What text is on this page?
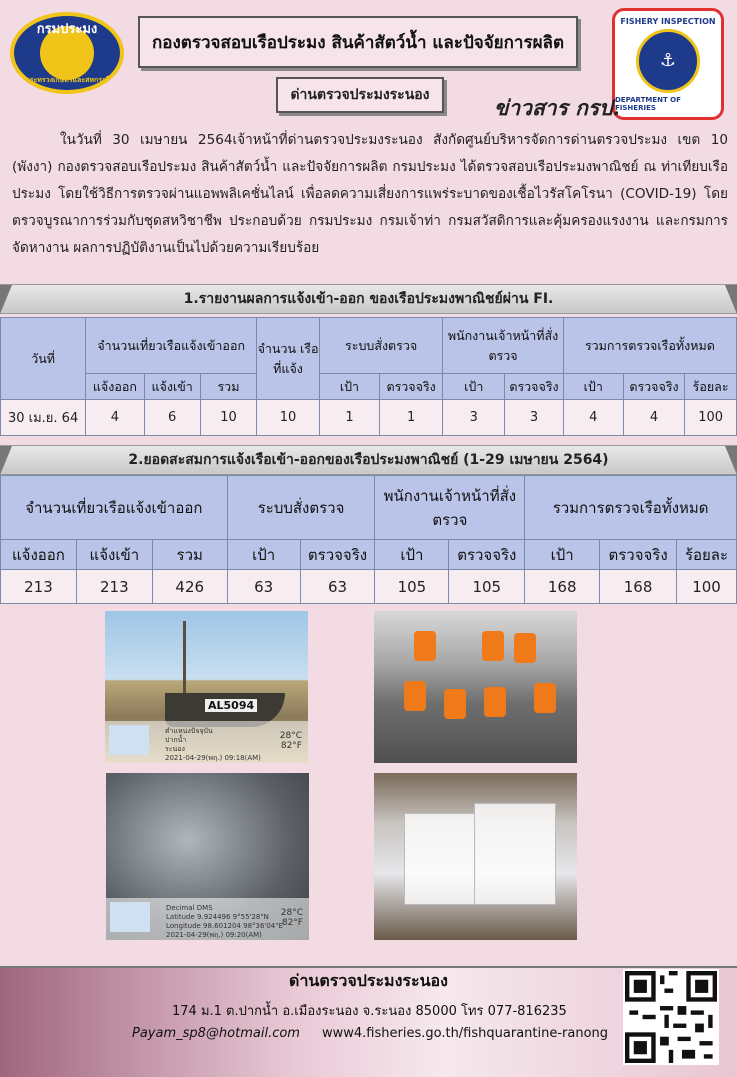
กรมประมง
กระทรวงเกษตรและสหกรณ์
กองตรวจสอบเรือประมง สินค้าสัตว์น้ำ และปัจจัยการผลิต
ด่านตรวจประมงระนอง
FISHERY INSPECTION
⚓
DEPARTMENT OF FISHERIES
ข่าวสาร กรป.
ในวันที่ 30 เมษายน 2564เจ้าหน้าที่ด่านตรวจประมงระนอง สังกัดศูนย์บริหารจัดการด่านตรวจประมง เขต 10 (พังงา) กองตรวจสอบเรือประมง สินค้าสัตว์น้ำ และปัจจัยการผลิต กรมประมง ได้ตรวจสอบเรือประมงพาณิชย์ ณ ท่าเทียบเรือประมง โดยใช้วิธีการตรวจผ่านแอพพลิเคชั่นไลน์ เพื่อลดความเสี่ยงการแพร่ระบาดของเชื้อไวรัสโคโรนา (COVID-19) โดยตรวจบูรณาการร่วมกับชุดสหวิชาชีพ ประกอบด้วย กรมประมง กรมเจ้าท่า กรมสวัสดิการและคุ้มครองแรงงาน และกรมการจัดหางาน ผลการปฏิบัติงานเป็นไปด้วยความเรียบร้อย
1.รายงานผลการแจ้งเข้า-ออก ของเรือประมงพาณิชย์ผ่าน FI.
วันที่	จำนวนเที่ยวเรือแจ้งเข้าออก			จำนวน เรือที่แจ้ง	ระบบสั่งตรวจ		พนักงานเจ้าหน้าที่สั่ง ตรวจ		รวมการตรวจเรือทั้งหมด		
	แจ้งออก	แจ้งเข้า	รวม		เป้า	ตรวจจริง	เป้า	ตรวจจริง	เป้า	ตรวจจริง	ร้อยละ
30 เม.ย. 64	4	6	10	10	1	1	3	3	4	4	100
2.ยอดสะสมการแจ้งเรือเข้า-ออกของเรือประมงพาณิชย์ (1-29 เมษายน 2564)
จำนวนเที่ยวเรือแจ้งเข้าออก			ระบบสั่งตรวจ		พนักงานเจ้าหน้าที่สั่ง ตรวจ		รวมการตรวจเรือทั้งหมด		
แจ้งออก	แจ้งเข้า	รวม	เป้า	ตรวจจริง	เป้า	ตรวจจริง	เป้า	ตรวจจริง	ร้อยละ
213	213	426	63	63	105	105	168	168	100
AL5094
ตำแหน่งปัจจุบัน
ปากน้ำ
ระนอง
2021-04-29(พฤ.) 09:18(AM)
28°C
82°F
Decimal DMS
Latitude 9.924496 9°55'28"N
Longitude 98.601204 98°36'04"E
2021-04-29(พฤ.) 09:20(AM)
28°C
82°F
ด่านตรวจประมงระนอง
174 ม.1 ต.ปากน้ำ อ.เมืองระนอง จ.ระนอง 85000 โทร 077-816235
Payam_sp8@hotmail.com www4.fisheries.go.th/fishquarantine-ranong
